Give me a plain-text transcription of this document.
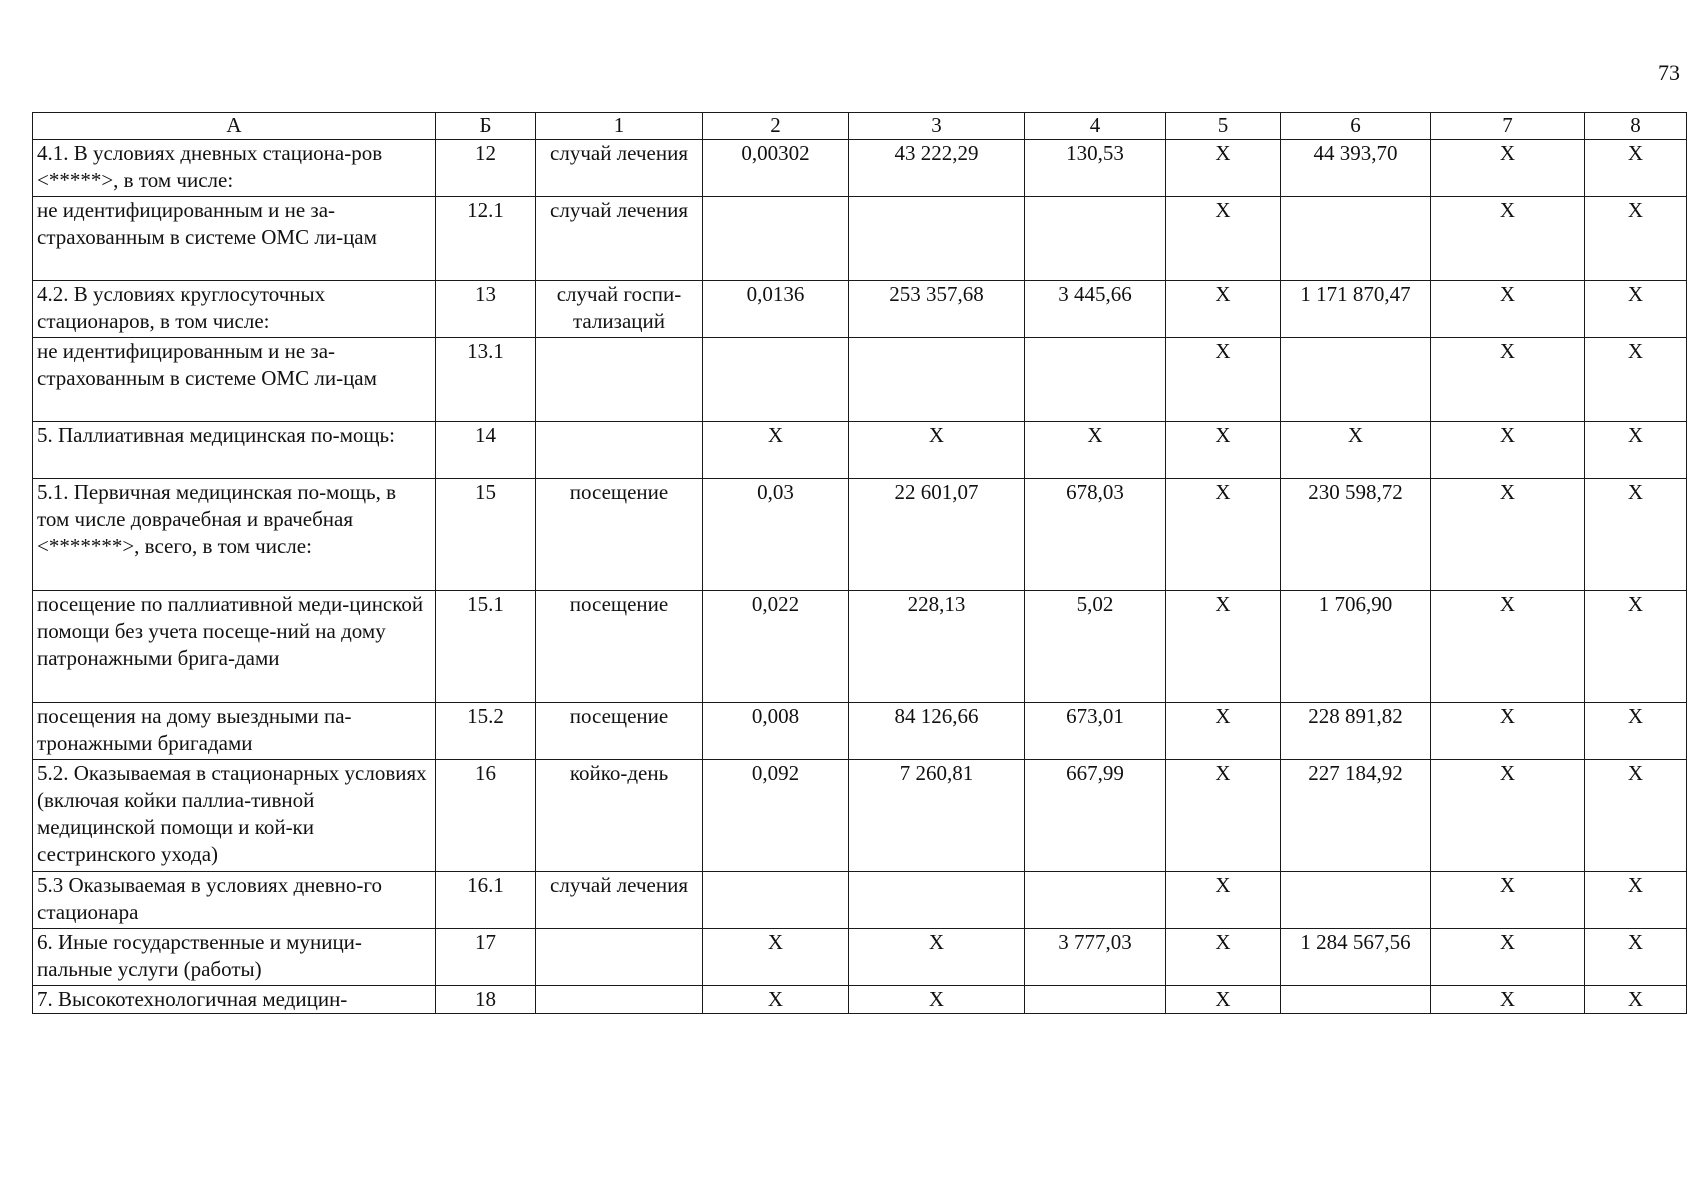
73
А	Б	1	2	3	4	5	6	7	8
4.1. В условиях дневных стациона-ров <*****>, в том числе:	12	случай лечения	0,00302	43 222,29	130,53	X	44 393,70	X	X
не идентифицированным и не за-страхованным в системе ОМС ли-цам	12.1	случай лечения				X		X	X
4.2. В условиях круглосуточных стационаров, в том числе:	13	случай госпи-тализаций	0,0136	253 357,68	3 445,66	X	1 171 870,47	X	X
не идентифицированным и не за-страхованным в системе ОМС ли-цам	13.1					X		X	X
5. Паллиативная медицинская по-мощь:	14		X	X	X	X	X	X	X
5.1. Первичная медицинская по-мощь, в том числе доврачебная и врачебная <*******>, всего, в том числе:	15	посещение	0,03	22 601,07	678,03	X	230 598,72	X	X
посещение по паллиативной меди-цинской помощи без учета посеще-ний на дому патронажными брига-дами	15.1	посещение	0,022	228,13	5,02	X	1 706,90	X	X
посещения на дому выездными па-тронажными бригадами	15.2	посещение	0,008	84 126,66	673,01	X	228 891,82	X	X
5.2. Оказываемая в стационарных условиях (включая койки паллиа-тивной медицинской помощи и кой-ки сестринского ухода)	16	койко-день	0,092	7 260,81	667,99	X	227 184,92	X	X
5.3 Оказываемая в условиях дневно-го стационара	16.1	случай лечения				X		X	X
6. Иные государственные и муници-пальные услуги (работы)	17		X	X	3 777,03	X	1 284 567,56	X	X
7. Высокотехнологичная медицин-	18		X	X		X		X	X
